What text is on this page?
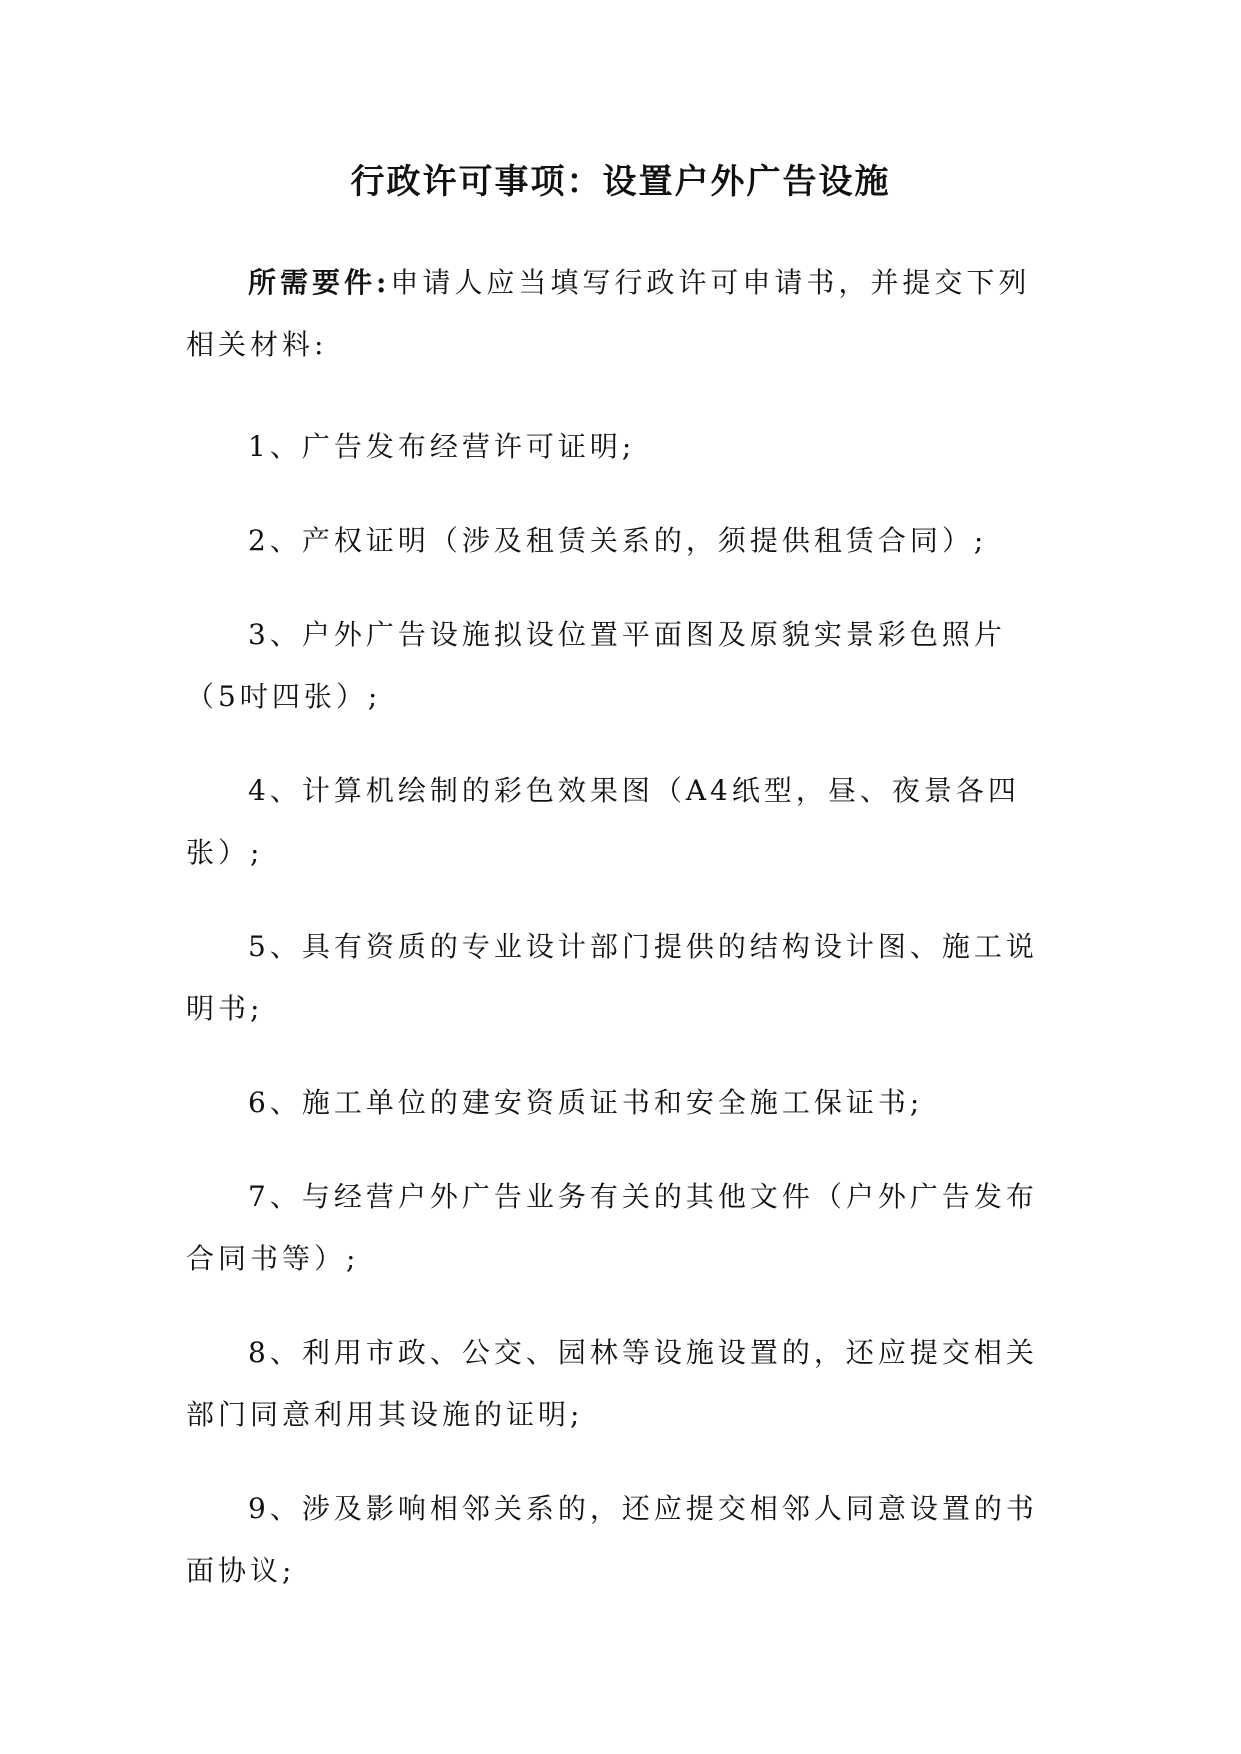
行政许可事项：设置户外广告设施

所需要件:申请人应当填写行政许可申请书，并提交下列相关材料:

1、广告发布经营许可证明;

2、产权证明（涉及租赁关系的，须提供租赁合同）;

3、户外广告设施拟设位置平面图及原貌实景彩色照片（5吋四张）;

4、计算机绘制的彩色效果图（A4纸型，昼、夜景各四张）;

5、具有资质的专业设计部门提供的结构设计图、施工说明书;

6、施工单位的建安资质证书和安全施工保证书;

7、与经营户外广告业务有关的其他文件（户外广告发布合同书等）;

8、利用市政、公交、园林等设施设置的，还应提交相关部门同意利用其设施的证明;

9、涉及影响相邻关系的，还应提交相邻人同意设置的书面协议;
